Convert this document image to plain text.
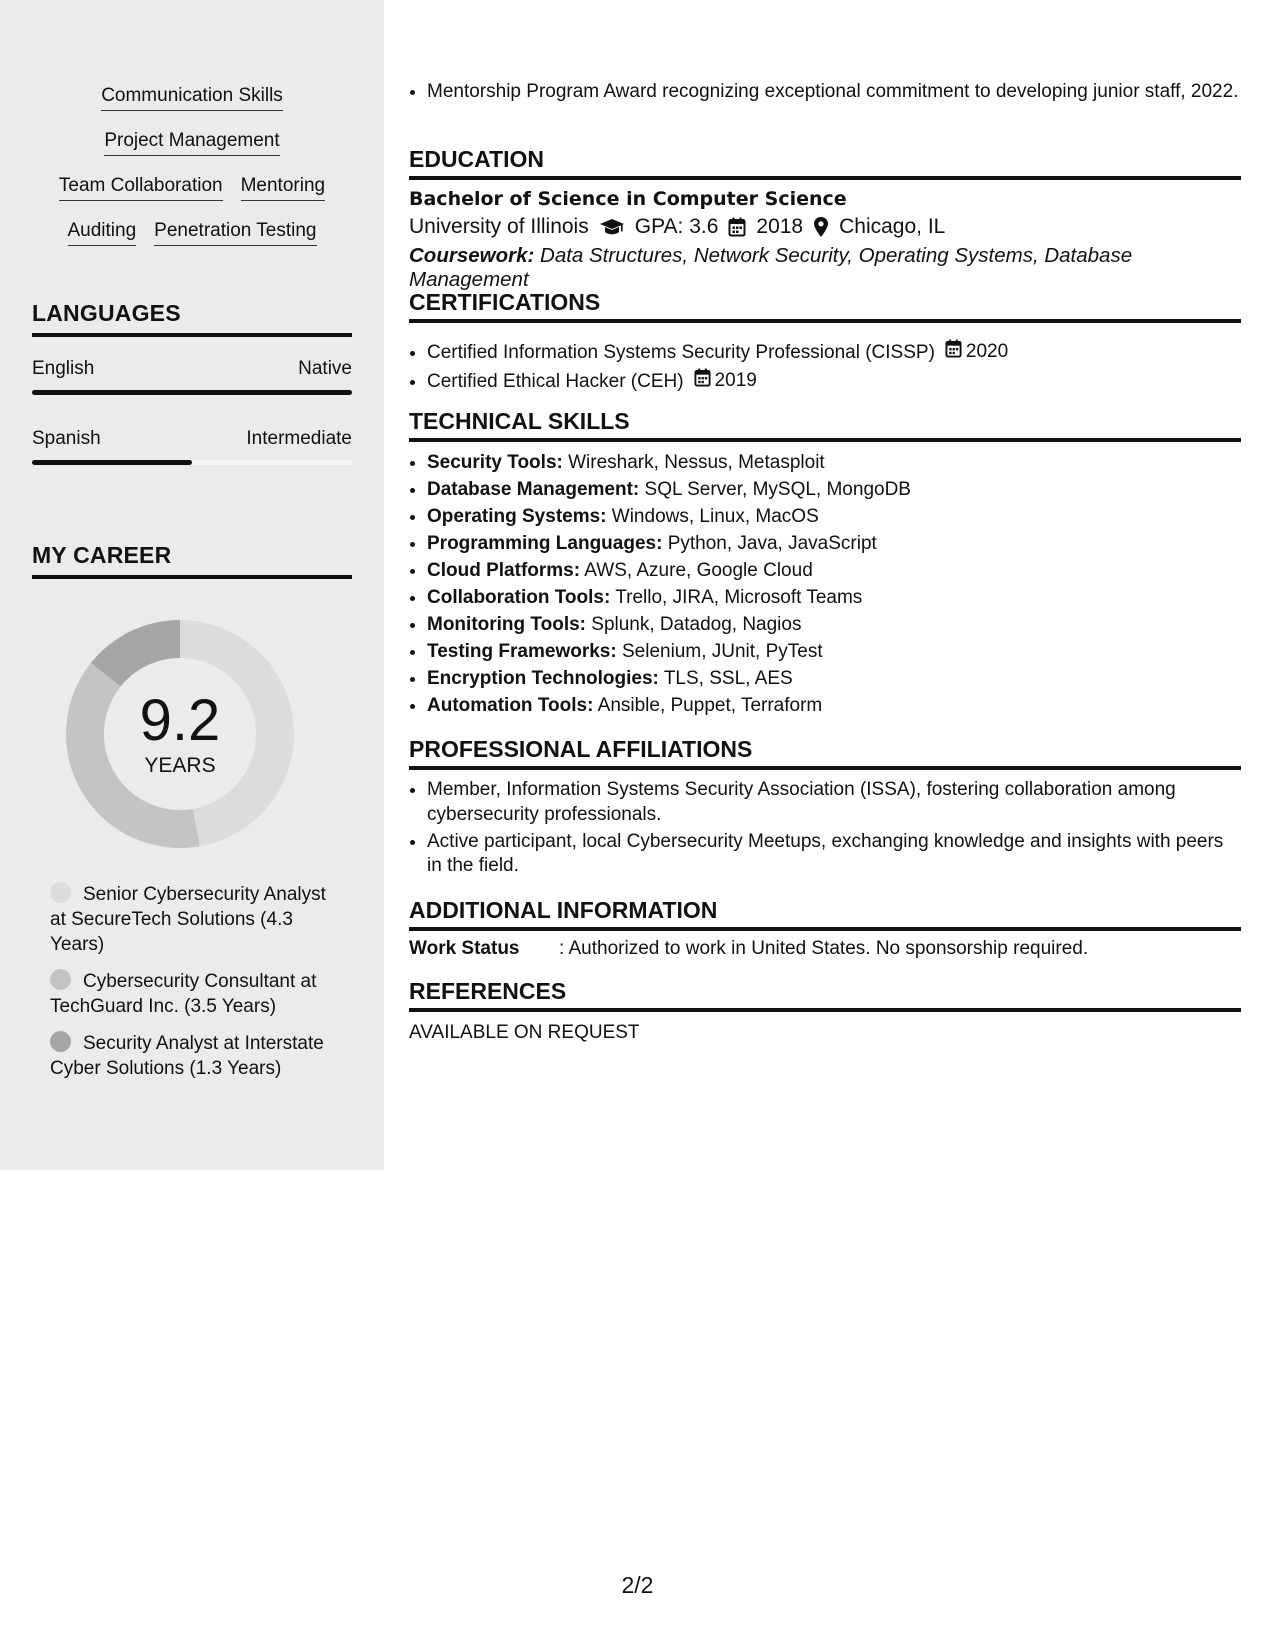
Communication Skills
Project Management
Team Collaboration Mentoring
Auditing Penetration Testing
LANGUAGES
English	Native
Spanish	Intermediate
MY CAREER
9.2
YEARS
Senior Cybersecurity Analyst at SecureTech Solutions (4.3 Years)
Cybersecurity Consultant at TechGuard Inc. (3.5 Years)
Security Analyst at Interstate Cyber Solutions (1.3 Years)
• Mentorship Program Award recognizing exceptional commitment to developing junior staff, 2022.
EDUCATION
Bachelor of Science in Computer Science
University of Illinois GPA: 3.6 2018 Chicago, IL
Coursework: Data Structures, Network Security, Operating Systems, Database Management
CERTIFICATIONS
• Certified Information Systems Security Professional (CISSP) 2020
• Certified Ethical Hacker (CEH) 2019
TECHNICAL SKILLS
• Security Tools: Wireshark, Nessus, Metasploit
• Database Management: SQL Server, MySQL, MongoDB
• Operating Systems: Windows, Linux, MacOS
• Programming Languages: Python, Java, JavaScript
• Cloud Platforms: AWS, Azure, Google Cloud
• Collaboration Tools: Trello, JIRA, Microsoft Teams
• Monitoring Tools: Splunk, Datadog, Nagios
• Testing Frameworks: Selenium, JUnit, PyTest
• Encryption Technologies: TLS, SSL, AES
• Automation Tools: Ansible, Puppet, Terraform
PROFESSIONAL AFFILIATIONS
• Member, Information Systems Security Association (ISSA), fostering collaboration among cybersecurity professionals.
• Active participant, local Cybersecurity Meetups, exchanging knowledge and insights with peers in the field.
ADDITIONAL INFORMATION
Work Status	: Authorized to work in United States. No sponsorship required.
REFERENCES
AVAILABLE ON REQUEST
2/2
